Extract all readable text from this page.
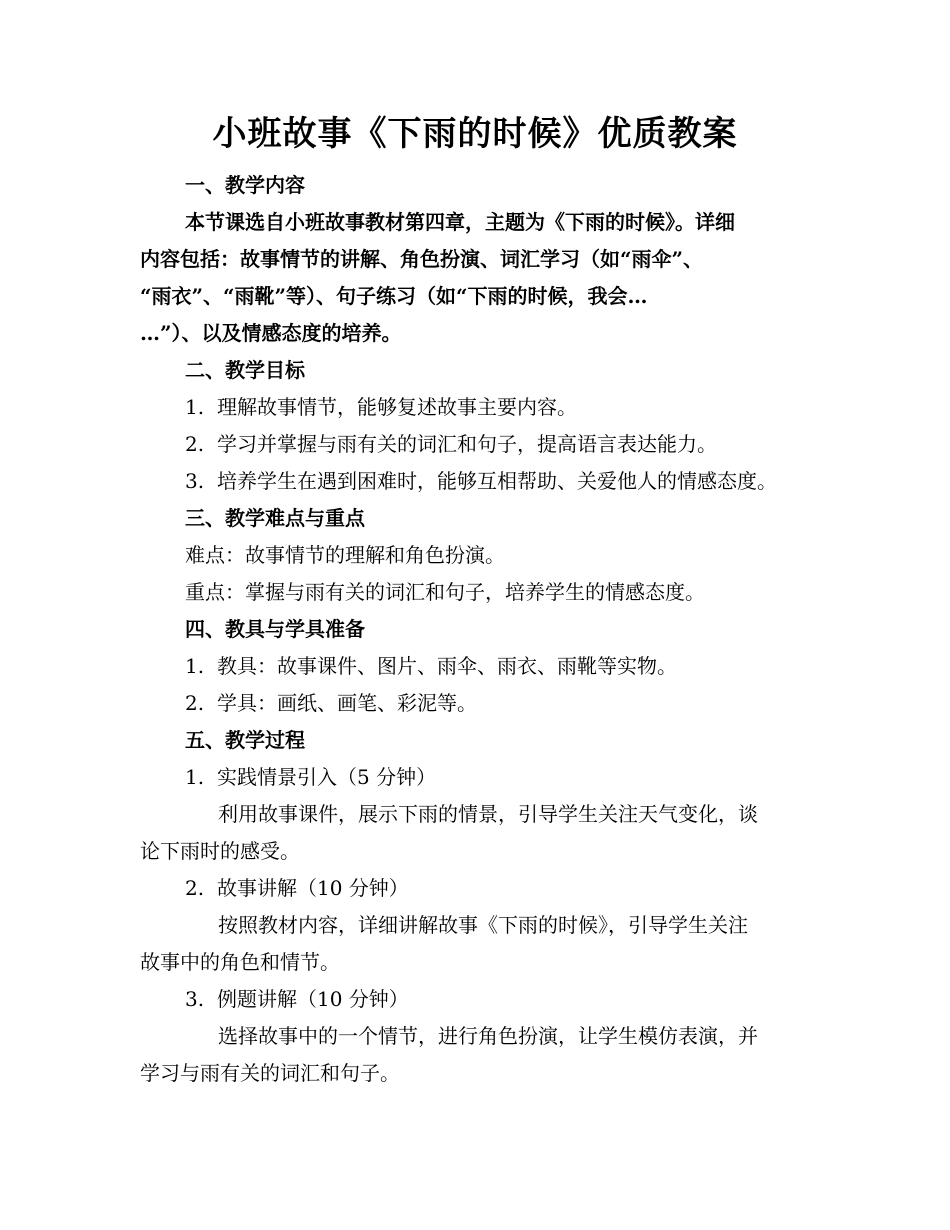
小班故事《下雨的时候》优质教案
一、教学内容
本节课选自小班故事教材第四章，主题为《下雨的时候》。详细
内容包括：故事情节的讲解、角色扮演、词汇学习（如“雨伞”、
“雨衣”、“雨靴”等）、句子练习（如“下雨的时候，我会…
…”）、以及情感态度的培养。
二、教学目标
1. 理解故事情节，能够复述故事主要内容。
2. 学习并掌握与雨有关的词汇和句子，提高语言表达能力。
3. 培养学生在遇到困难时，能够互相帮助、关爱他人的情感态度。
三、教学难点与重点
难点：故事情节的理解和角色扮演。
重点：掌握与雨有关的词汇和句子，培养学生的情感态度。
四、教具与学具准备
1. 教具：故事课件、图片、雨伞、雨衣、雨靴等实物。
2. 学具：画纸、画笔、彩泥等。
五、教学过程
1. 实践情景引入（5 分钟）
利用故事课件，展示下雨的情景，引导学生关注天气变化，谈
论下雨时的感受。
2. 故事讲解（10 分钟）
按照教材内容，详细讲解故事《下雨的时候》，引导学生关注
故事中的角色和情节。
3. 例题讲解（10 分钟）
选择故事中的一个情节，进行角色扮演，让学生模仿表演，并
学习与雨有关的词汇和句子。
